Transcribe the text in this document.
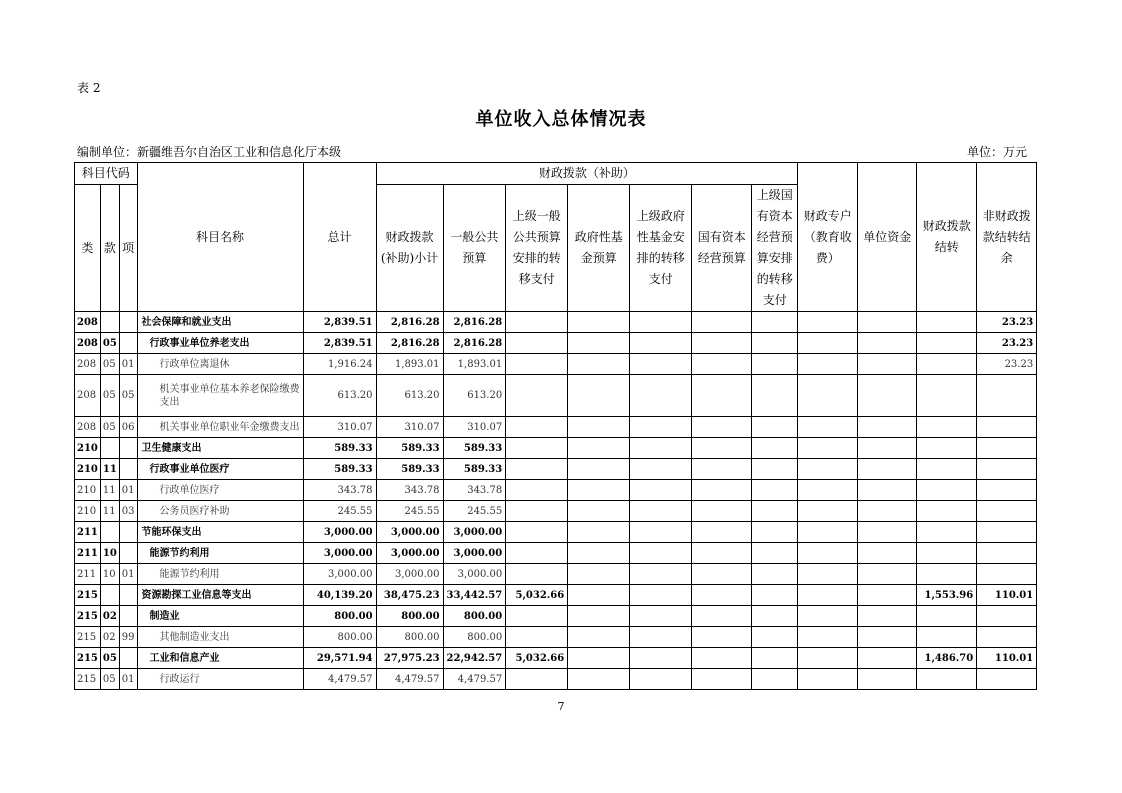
表 2
单位收入总体情况表
编制单位：新疆维吾尔自治区工业和信息化厅本级	单位：万元
科目代码			科目名称	总计	财政拨款（补助）							财政专户（教育收费）	单位资金	财政拨款结转	非财政拨款结转结余
类	款	项			财政拨款(补助)小计	一般公共预算	上级一般公共预算安排的转移支付	政府性基金预算	上级政府性基金安排的转移支付	国有资本经营预算	上级国有资本经营预算安排的转移支付				
208			社会保障和就业支出	2,839.51	2,816.28	2,816.28									23.23
208	05		行政事业单位养老支出	2,839.51	2,816.28	2,816.28									23.23
208	05	01	行政单位离退休	1,916.24	1,893.01	1,893.01									23.23
208	05	05	机关事业单位基本养老保险缴费支出	613.20	613.20	613.20									
208	05	06	机关事业单位职业年金缴费支出	310.07	310.07	310.07									
210			卫生健康支出	589.33	589.33	589.33									
210	11		行政事业单位医疗	589.33	589.33	589.33									
210	11	01	行政单位医疗	343.78	343.78	343.78									
210	11	03	公务员医疗补助	245.55	245.55	245.55									
211			节能环保支出	3,000.00	3,000.00	3,000.00									
211	10		能源节约利用	3,000.00	3,000.00	3,000.00									
211	10	01	能源节约利用	3,000.00	3,000.00	3,000.00									
215			资源勘探工业信息等支出	40,139.20	38,475.23	33,442.57	5,032.66							1,553.96	110.01
215	02		制造业	800.00	800.00	800.00									
215	02	99	其他制造业支出	800.00	800.00	800.00									
215	05		工业和信息产业	29,571.94	27,975.23	22,942.57	5,032.66							1,486.70	110.01
215	05	01	行政运行	4,479.57	4,479.57	4,479.57									
7
